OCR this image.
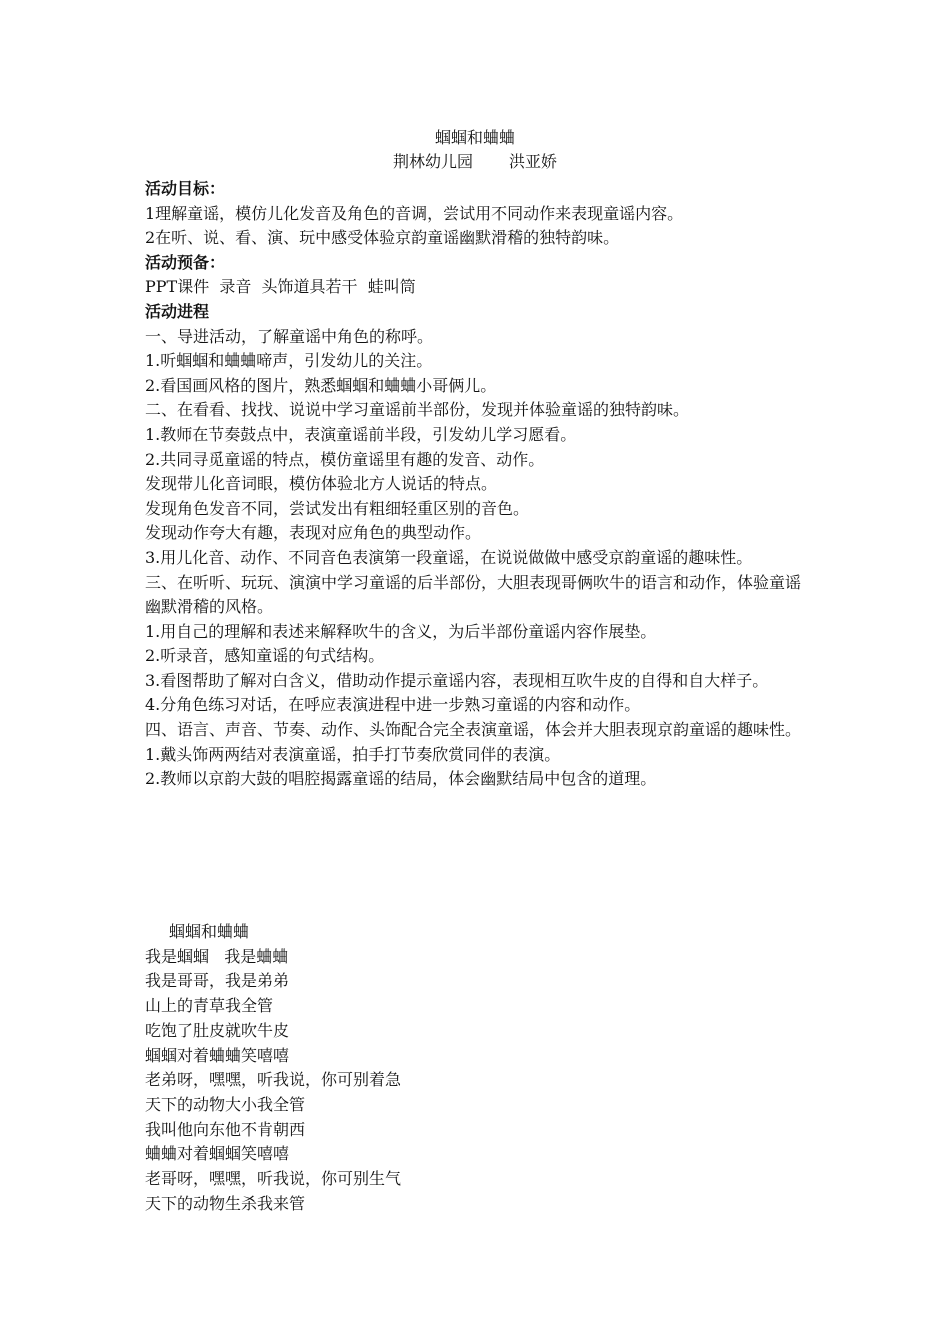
蝈蝈和蛐蛐
荆林幼儿园 洪亚娇
活动目标：
1理解童谣，模仿儿化发音及角色的音调，尝试用不同动作来表现童谣内容。
2在听、说、看、演、玩中感受体验京韵童谣幽默滑稽的独特韵味。
活动预备：
PPT课件  录音  头饰道具若干  蛙叫筒
活动进程
一、导进活动，了解童谣中角色的称呼。
1.听蝈蝈和蛐蛐啼声，引发幼儿的关注。
2.看国画风格的图片，熟悉蝈蝈和蛐蛐小哥俩儿。
二、在看看、找找、说说中学习童谣前半部份，发现并体验童谣的独特韵味。
1.教师在节奏鼓点中，表演童谣前半段，引发幼儿学习愿看。
2.共同寻觅童谣的特点，模仿童谣里有趣的发音、动作。
发现带儿化音词眼，模仿体验北方人说话的特点。
发现角色发音不同，尝试发出有粗细轻重区别的音色。
发现动作夸大有趣，表现对应角色的典型动作。
3.用儿化音、动作、不同音色表演第一段童谣，在说说做做中感受京韵童谣的趣味性。
三、在听听、玩玩、演演中学习童谣的后半部份，大胆表现哥俩吹牛的语言和动作，体验童谣幽默滑稽的风格。
1.用自己的理解和表述来解释吹牛的含义，为后半部份童谣内容作展垫。
2.听录音，感知童谣的句式结构。
3.看图帮助了解对白含义，借助动作提示童谣内容，表现相互吹牛皮的自得和自大样子。
4.分角色练习对话，在呼应表演进程中进一步熟习童谣的内容和动作。
四、语言、声音、节奏、动作、头饰配合完全表演童谣，体会并大胆表现京韵童谣的趣味性。
1.戴头饰两两结对表演童谣，拍手打节奏欣赏同伴的表演。
2.教师以京韵大鼓的唱腔揭露童谣的结局，体会幽默结局中包含的道理。
蝈蝈和蛐蛐
我是蝈蝈   我是蛐蛐
我是哥哥，我是弟弟
山上的青草我全管
吃饱了肚皮就吹牛皮
蝈蝈对着蛐蛐笑嘻嘻
老弟呀，嘿嘿，听我说，你可别着急
天下的动物大小我全管
我叫他向东他不肯朝西
蛐蛐对着蝈蝈笑嘻嘻
老哥呀，嘿嘿，听我说，你可别生气
天下的动物生杀我来管
